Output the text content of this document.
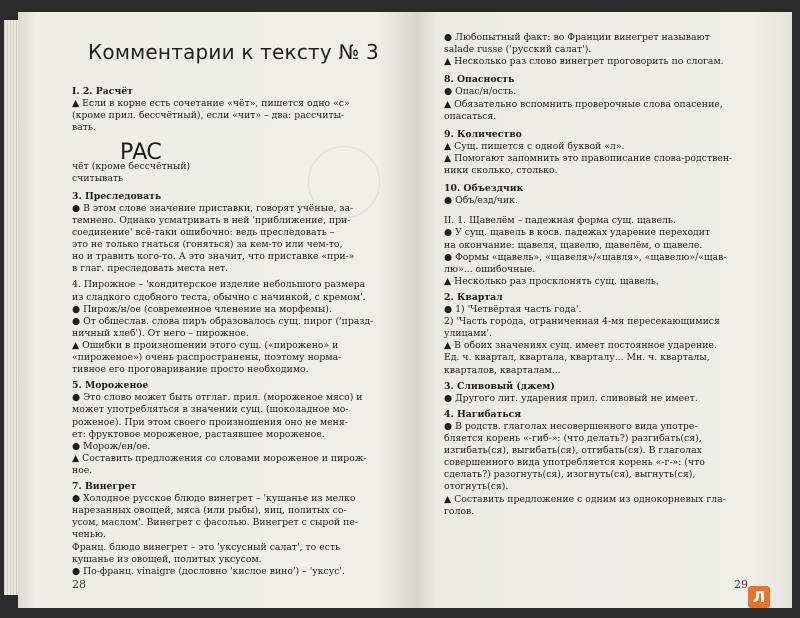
Комментарии к тексту № 3
РАС
I. 2. Расчёт
▲ Если в корне есть сочетание «чёт», пишется одно «с»
(кроме прил. бессчётный), если «чит» – два: рассчиты-
вать.
чёт (кроме бессчётный)
считывать
3. Преследовать
● В этом слове значение приставки, говорят учёные, за-
темнено. Однако усматривать в ней 'приближение, при-
соединение' всё-таки ошибочно: ведь преследовать –
это не только гнаться (гоняться) за кем-то или чем-то,
но и травить кого-то. А это значит, что приставке «при-»
в глаг. преследовать места нет.
4. Пирожное – 'кондитерское изделие небольшого размера
из сладкого сдобного теста, обычно с начинкой, с кремом'.
● Пирож/н/ое (современное членение на морфемы).
● От общеслав. слова пиръ образовалось сущ. пирог ('празд-
ничный хлеб'). От него – пирожное.
▲ Ошибки в произношении этого сущ. («пирожено» и
«пироженое») очень распространены, поэтому норма-
тивное его проговаривание просто необходимо.
5. Мороженое
● Это слово может быть отглаг. прил. (мороженое мясо) и
может употребляться в значении сущ. (шоколадное мо-
роженое). При этом своего произношения оно не меня-
ет: фруктовое мороженое, растаявшее мороженое.
● Морож/ен/ое.
▲ Составить предложения со словами мороженое и пирож-
ное.
7. Винегрет
● Холодное русское блюдо винегрет – 'кушанье из мелко
нарезанных овощей, мяса (или рыбы), яиц, политых со-
усом, маслом'. Винегрет с фасолью. Винегрет с сырой пе-
ченью.
Франц. блюдо винегрет – это 'уксусный салат', то есть
кушанье из овощей, политых уксусом.
● По-франц. vinaigre (дословно 'кислое вино') – 'уксус'.
● Любопытный факт: во Франции винегрет называют
salade russe ('русский салат').
▲ Несколько раз слово винегрет проговорить по слогам.
8. Опасность
● Опас/н/ость.
▲ Обязательно вспомнить проверочные слова опасение,
опасаться.
9. Количество
▲ Сущ. пишется с одной буквой «л».
▲ Помогают запомнить это правописание слова-родствен-
ники сколько, столько.
10. Объездчик
● Объ/езд/чик.
II. 1. Щавелём – падежная форма сущ. щавель.
● У сущ. щавель в косв. падежах ударение переходит
на окончание: щавеля, щавелю, щавелём, о щавеле.
● Формы «щавель», «щавеля»/«щавля», «щавелю»/«щав-
лю»... ошибочные.
▲ Несколько раз просклонять сущ. щавель.
2. Квартал
● 1) 'Четвёртая часть года'.
2) 'Часть города, ограниченная 4-мя пересекающимися
улицами'.
▲ В обоих значениях сущ. имеет постоянное ударение.
Ед. ч. квартал, квартала, кварталу... Мн. ч. кварталы,
кварталов, кварталам...
3. Сливовый (джем)
● Другого лит. ударения прил. сливовый не имеет.
4. Нагибаться
● В родств. глаголах несовершенного вида употре-
бляется корень «-гиб-»: (что делать?) разгибать(ся),
изгибать(ся), выгибать(ся), отгибать(ся). В глаголах
совершенного вида употребляется корень «-г-»: (что
сделать?) разогнуть(ся), изогнуть(ся), выгнуть(ся),
отогнуть(ся).
▲ Составить предложение с одним из однокорневых гла-
голов.
28	29
Л
